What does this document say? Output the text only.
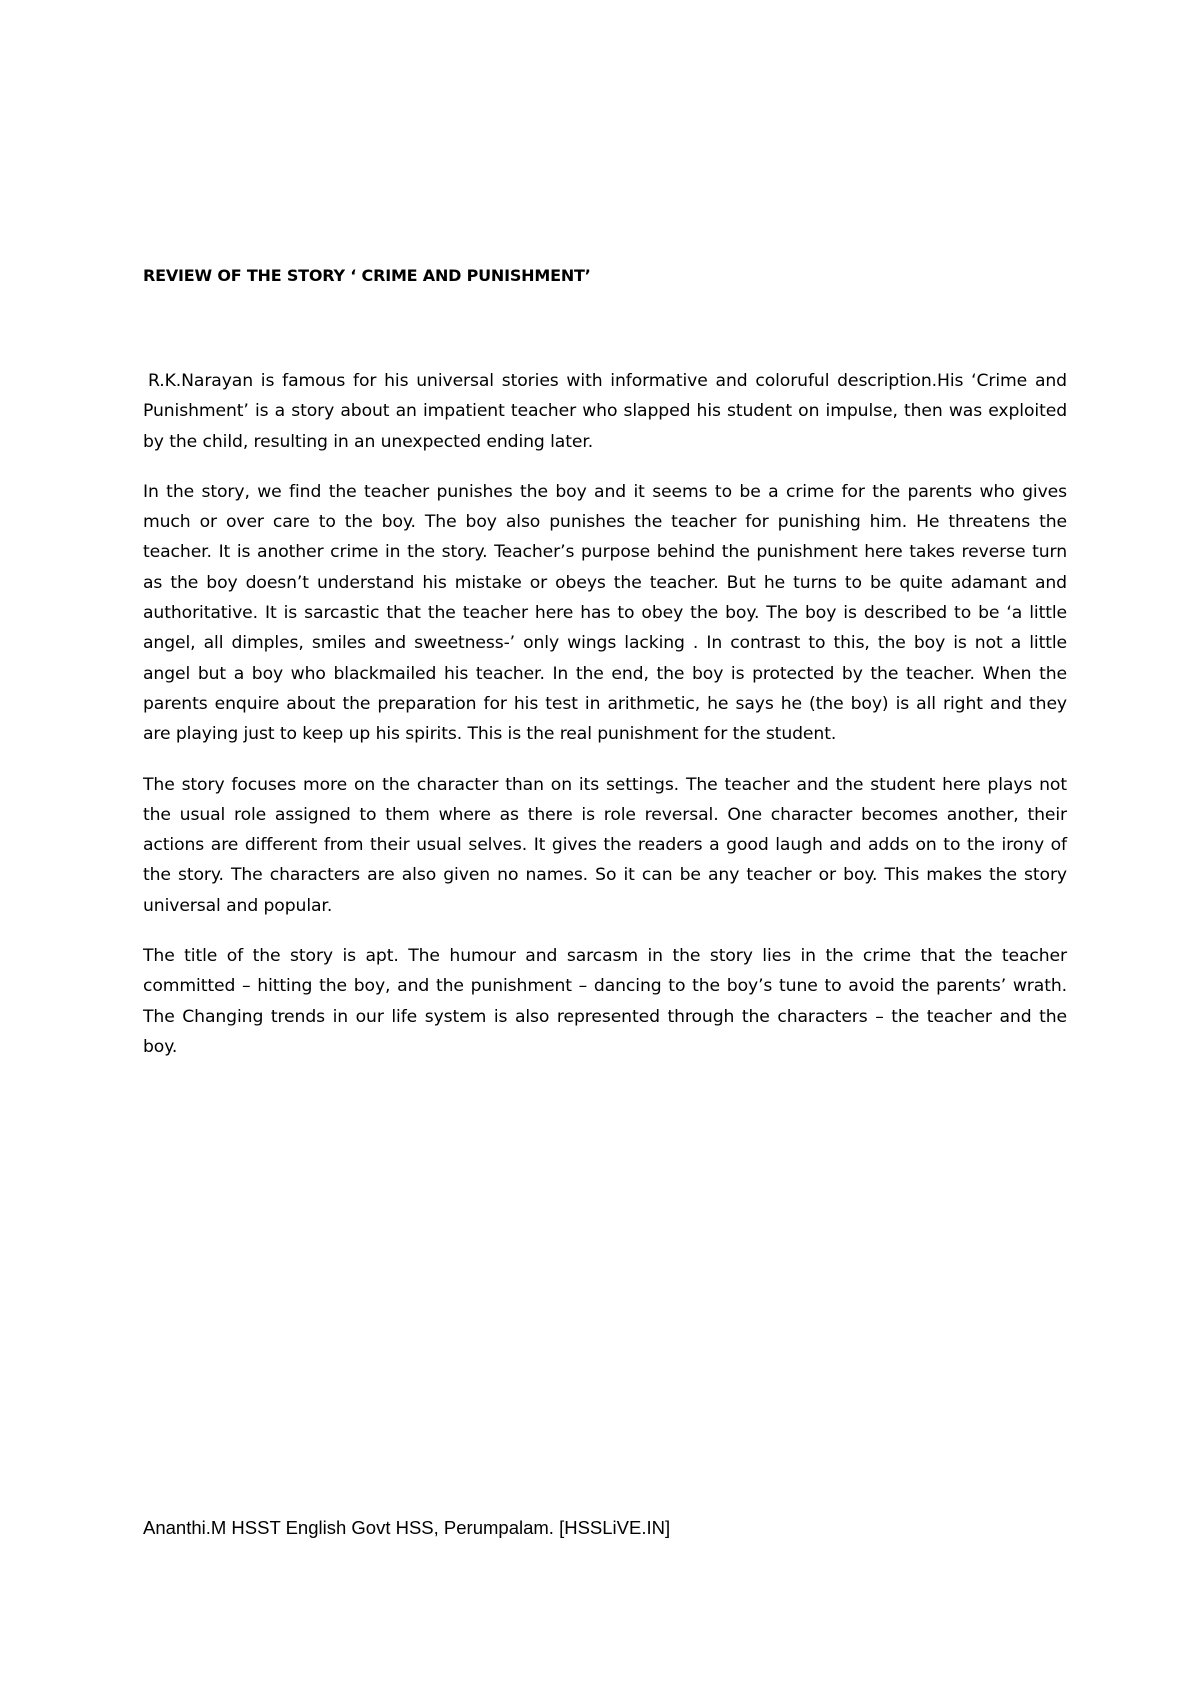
REVIEW OF THE STORY ‘ CRIME AND PUNISHMENT’

R.K.Narayan is famous for his universal stories with informative and coloruful description.His ‘Crime and Punishment’ is a story about an impatient teacher who slapped his student on impulse, then was exploited by the child, resulting in an unexpected ending later.

In the story, we find the teacher punishes the boy and it seems to be a crime for the parents who gives much or over care to the boy. The boy also punishes the teacher for punishing him. He threatens the teacher. It is another crime in the story. Teacher’s purpose behind the punishment here takes reverse turn as the boy doesn’t understand his mistake or obeys the teacher. But he turns to be quite adamant and authoritative. It is sarcastic that the teacher here has to obey the boy. The boy is described to be ‘a little angel, all dimples, smiles and sweetness-’ only wings lacking . In contrast to this, the boy is not a little angel but a boy who blackmailed his teacher. In the end, the boy is protected by the teacher. When the parents enquire about the preparation for his test in arithmetic, he says he (the boy) is all right and they are playing just to keep up his spirits. This is the real punishment for the student.

The story focuses more on the character than on its settings. The teacher and the student here plays not the usual role assigned to them where as there is role reversal. One character becomes another, their actions are different from their usual selves. It gives the readers a good laugh and adds on to the irony of the story. The characters are also given no names. So it can be any teacher or boy. This makes the story universal and popular.

The title of the story is apt. The humour and sarcasm in the story lies in the crime that the teacher committed – hitting the boy, and the punishment – dancing to the boy’s tune to avoid the parents’ wrath. The Changing trends in our life system is also represented through the characters – the teacher and the boy.

Ananthi.M HSST English Govt HSS, Perumpalam. [HSSLiVE.IN]
